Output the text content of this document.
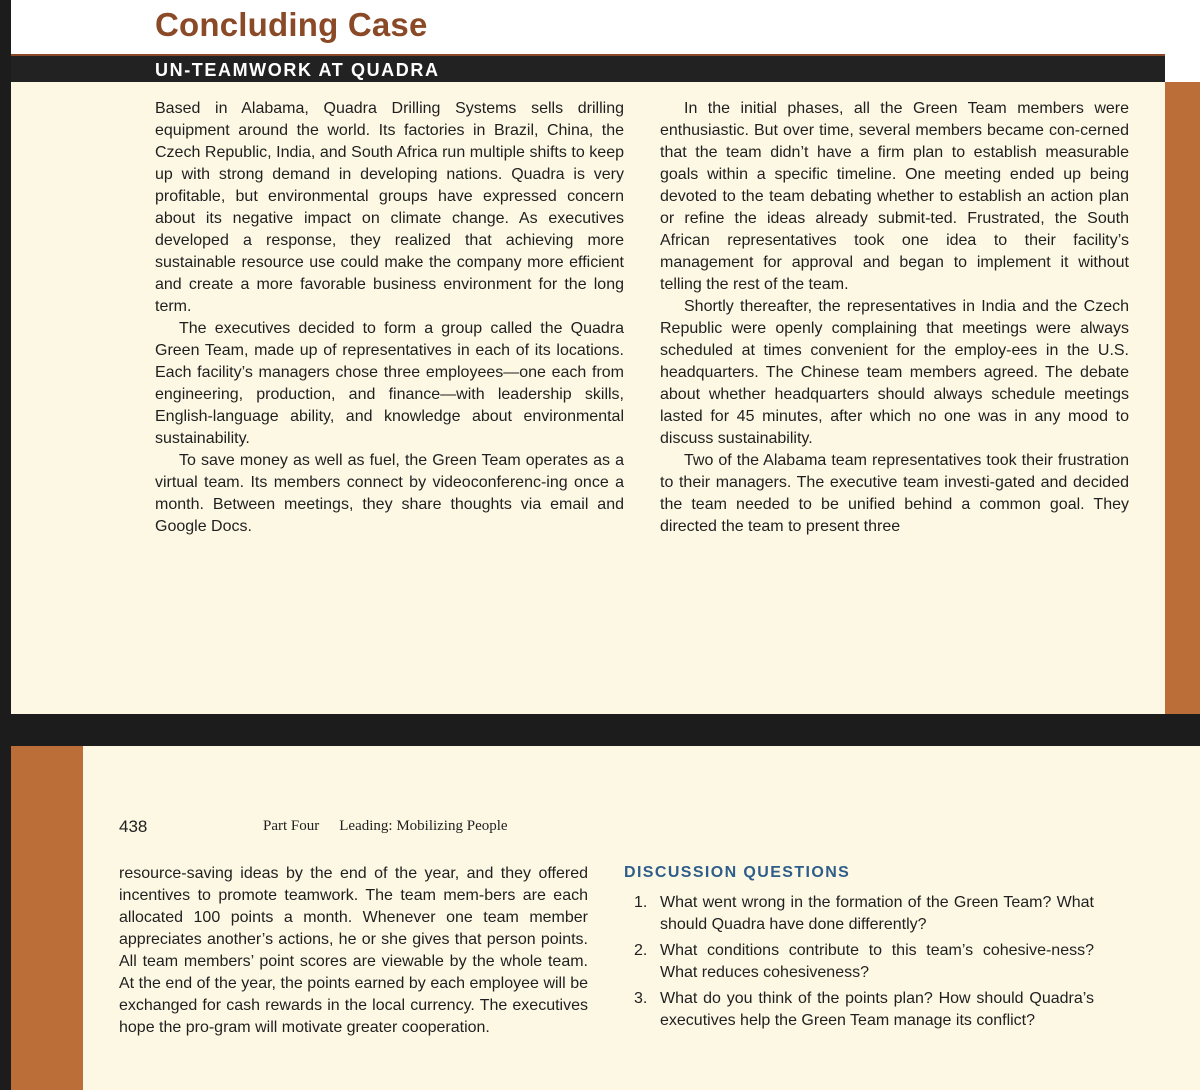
Concluding Case
UN-TEAMWORK AT QUADRA

Based in Alabama, Quadra Drilling Systems sells drilling equipment around the world. Its factories in Brazil, China, the Czech Republic, India, and South Africa run multiple shifts to keep up with strong demand in developing nations. Quadra is very profitable, but environmental groups have expressed concern about its negative impact on climate change. As executives developed a response, they realized that achieving more sustainable resource use could make the company more efficient and create a more favorable business environment for the long term.

The executives decided to form a group called the Quadra Green Team, made up of representatives in each of its locations. Each facility’s managers chose three employees—one each from engineering, production, and finance—with leadership skills, English-language ability, and knowledge about environmental sustainability.

To save money as well as fuel, the Green Team operates as a virtual team. Its members connect by videoconferenc-ing once a month. Between meetings, they share thoughts via email and Google Docs.

In the initial phases, all the Green Team members were enthusiastic. But over time, several members became con-cerned that the team didn’t have a firm plan to establish measurable goals within a specific timeline. One meeting ended up being devoted to the team debating whether to establish an action plan or refine the ideas already submit-ted. Frustrated, the South African representatives took one idea to their facility’s management for approval and began to implement it without telling the rest of the team.

Shortly thereafter, the representatives in India and the Czech Republic were openly complaining that meetings were always scheduled at times convenient for the employ-ees in the U.S. headquarters. The Chinese team members agreed. The debate about whether headquarters should always schedule meetings lasted for 45 minutes, after which no one was in any mood to discuss sustainability.

Two of the Alabama team representatives took their frustration to their managers. The executive team investi-gated and decided the team needed to be unified behind a common goal. They directed the team to present three

438	Part Four Leading: Mobilizing People

resource-saving ideas by the end of the year, and they offered incentives to promote teamwork. The team mem-bers are each allocated 100 points a month. Whenever one team member appreciates another’s actions, he or she gives that person points. All team members’ point scores are viewable by the whole team. At the end of the year, the points earned by each employee will be exchanged for cash rewards in the local currency. The executives hope the pro-gram will motivate greater cooperation.

DISCUSSION QUESTIONS
1. What went wrong in the formation of the Green Team? What should Quadra have done differently?
2. What conditions contribute to this team’s cohesive-ness? What reduces cohesiveness?
3. What do you think of the points plan? How should Quadra’s executives help the Green Team manage its conflict?
